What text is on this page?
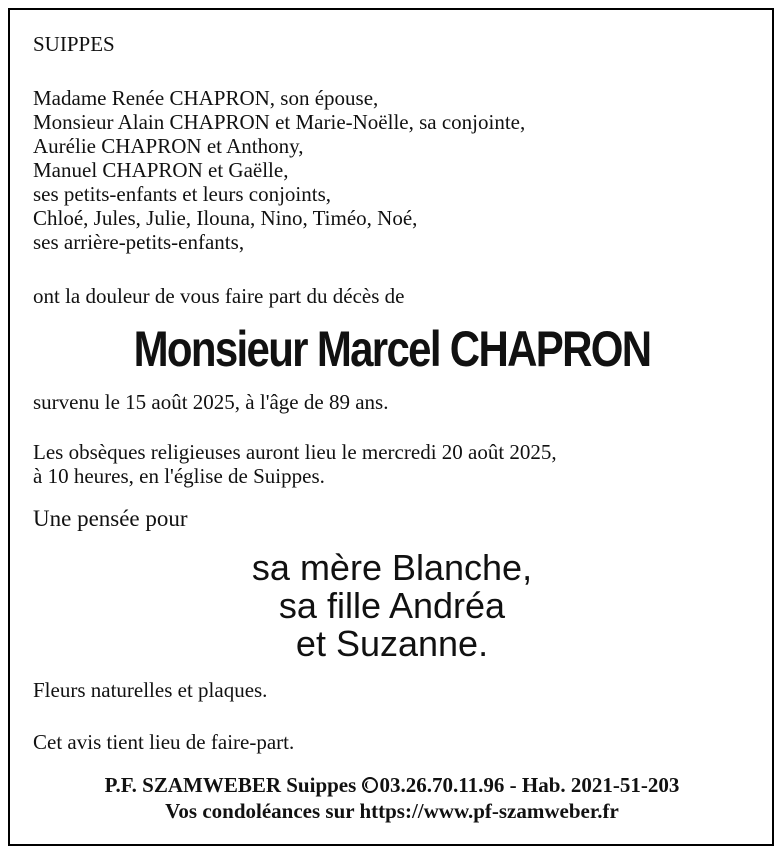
SUIPPES
Madame Renée CHAPRON, son épouse,
Monsieur Alain CHAPRON et Marie-Noëlle, sa conjointe,
Aurélie CHAPRON et Anthony,
Manuel CHAPRON et Gaëlle,
ses petits-enfants et leurs conjoints,
Chloé, Jules, Julie, Ilouna, Nino, Timéo, Noé,
ses arrière-petits-enfants,
ont la douleur de vous faire part du décès de
Monsieur Marcel CHAPRON
survenu le 15 août 2025, à l'âge de 89 ans.
Les obsèques religieuses auront lieu le mercredi 20 août 2025,
à 10 heures, en l'église de Suippes.
Une pensée pour
sa mère Blanche,
sa fille Andréa
et Suzanne.
Fleurs naturelles et plaques.
Cet avis tient lieu de faire-part.
P.F. SZAMWEBER Suippes 03.26.70.11.96 - Hab. 2021-51-203
Vos condoléances sur https://www.pf-szamweber.fr
